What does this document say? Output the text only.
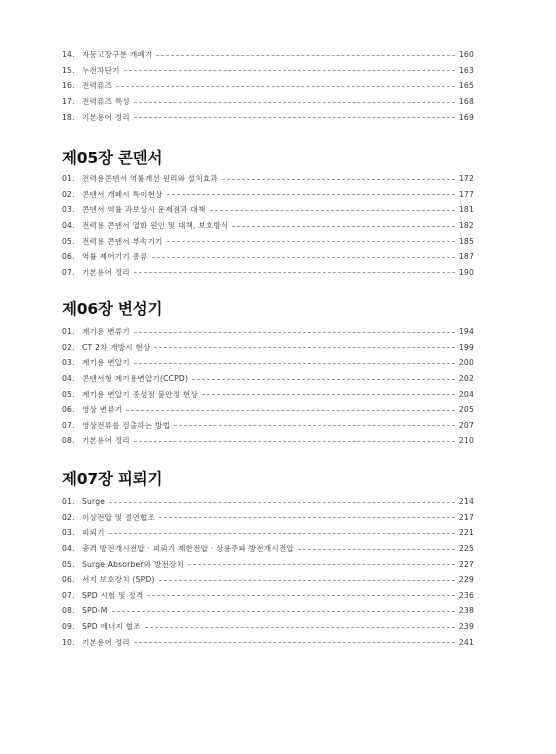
14. 자동고장구분 개폐기	160
15. 누전차단기	163
16. 전력퓨즈	165
17. 전력퓨즈 특성	168
18. 기본용어 정리	169
제05장 콘덴서
01. 전력용콘덴서 역률개선 원리와 설치효과	172
02. 콘덴서 개폐시 특이현상	177
03. 콘덴서 역률 과보상시 문제점과 대책	181
04. 전력용 콘덴서 열화 원인 및 대책, 보호방식	182
05. 전력용 콘덴서 부속기기	185
06. 역률 제어기기 종류	187
07. 기본용어 정리	190
제06장 변성기
01. 계기용 변류기	194
02. CT 2차 개방시 현상	199
03. 계기용 변압기	200
04. 콘덴서형 계기용변압기(CCPD)	202
05. 계기용 변압기 중성점 불안정 현상	204
06. 영상 변류기	205
07. 영상전류를 검출하는 방법	207
08. 기본용어 정리	210
제07장 피뢰기
01. Surge	214
02. 이상전압 및 절연협조	217
03. 피뢰기	221
04. 충격 방전개시전압 · 피뢰기 제한전압 · 상용주파 방전개시전압	225
05. Surge Absorber와 방전장치	227
06. 서지 보호장치 (SPD)	229
07. SPD 시험 및 정격	236
08. SPD-M	238
09. SPD 에너지 협조	239
10. 기본용어 정리	241
